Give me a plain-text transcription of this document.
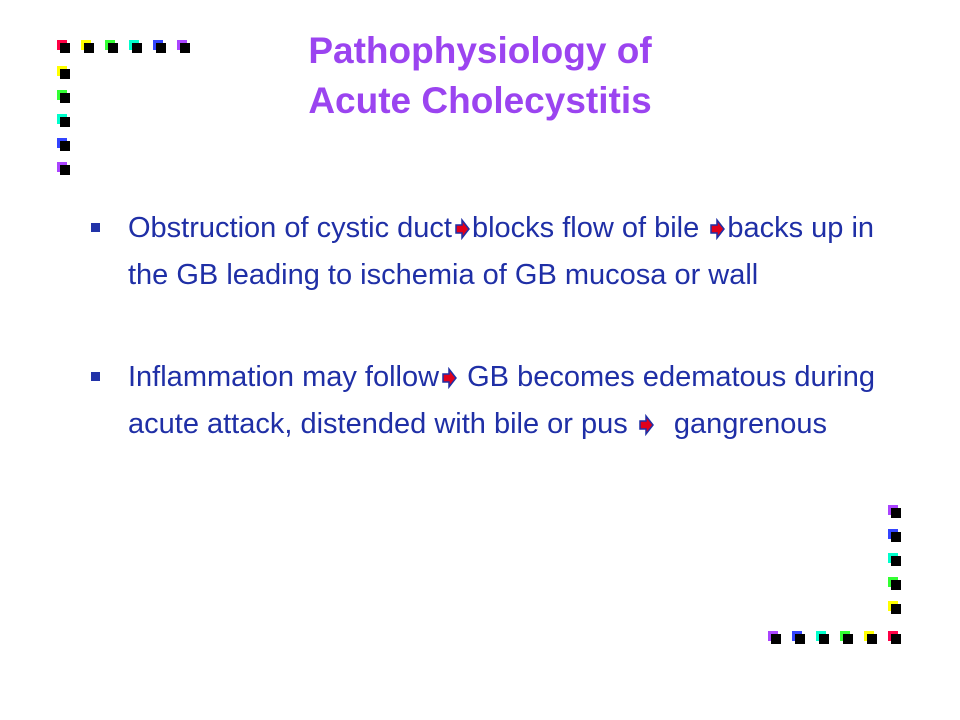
Pathophysiology of
Acute Cholecystitis
Obstruction of cystic duct blocks flow of bile backs up in the GB leading to ischemia of GB mucosa or wall
Inflammation may follow GB becomes edematous during acute attack, distended with bile or pus gangrenous
